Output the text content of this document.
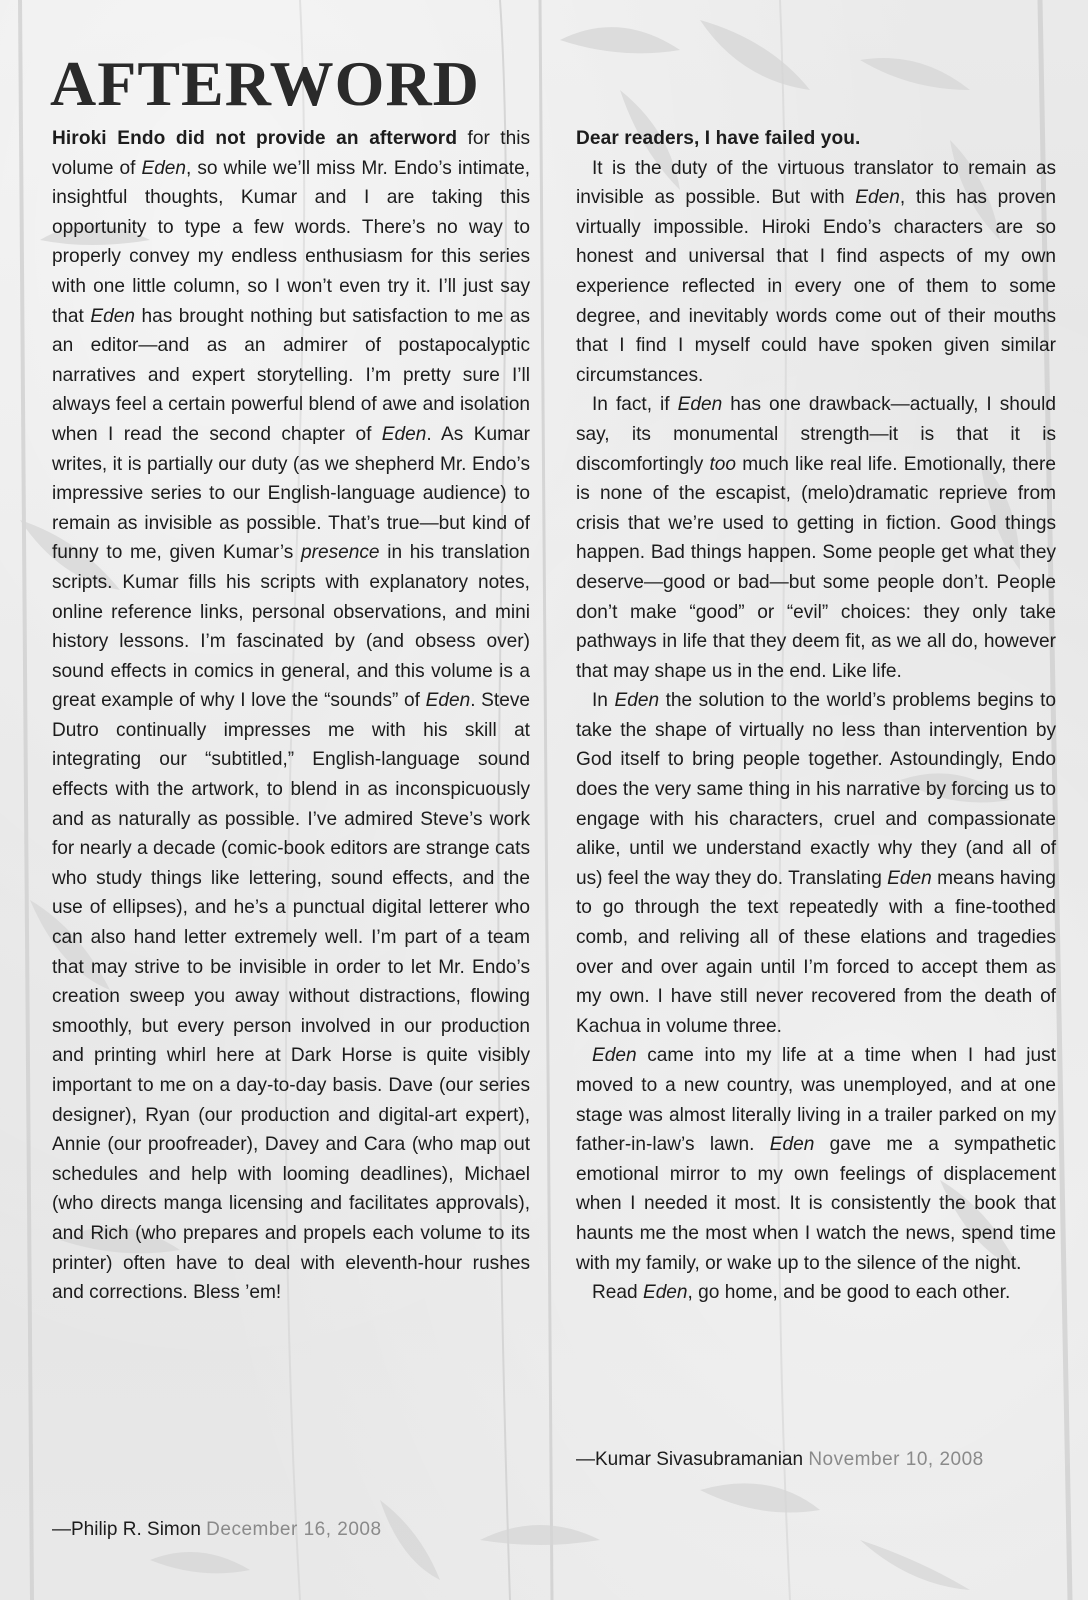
AFTERWORD

Hiroki Endo did not provide an afterword for this volume of Eden, so while we’ll miss Mr. Endo’s intimate, insightful thoughts, Kumar and I are taking this opportunity to type a few words. There’s no way to properly convey my endless enthusiasm for this series with one little column, so I won’t even try it. I’ll just say that Eden has brought nothing but satisfaction to me as an editor—and as an admirer of postapocalyptic narratives and expert storytelling. I’m pretty sure I’ll always feel a certain powerful blend of awe and isolation when I read the second chapter of Eden. As Kumar writes, it is partially our duty (as we shepherd Mr. Endo’s impressive series to our English-language audience) to remain as invisible as possible. That’s true—but kind of funny to me, given Kumar’s presence in his translation scripts. Kumar fills his scripts with explanatory notes, online reference links, personal observations, and mini history lessons. I’m fascinated by (and obsess over) sound effects in comics in general, and this volume is a great example of why I love the “sounds” of Eden. Steve Dutro continually impresses me with his skill at integrating our “subtitled,” English-language sound effects with the artwork, to blend in as inconspicuously and as naturally as possible. I’ve admired Steve’s work for nearly a decade (comic-book editors are strange cats who study things like lettering, sound effects, and the use of ellipses), and he’s a punctual digital letterer who can also hand letter extremely well. I’m part of a team that may strive to be invisible in order to let Mr. Endo’s creation sweep you away without distractions, flowing smoothly, but every person involved in our production and printing whirl here at Dark Horse is quite visibly important to me on a day-to-day basis. Dave (our series designer), Ryan (our production and digital-art expert), Annie (our proofreader), Davey and Cara (who map out schedules and help with looming deadlines), Michael (who directs manga licensing and facilitates approvals), and Rich (who prepares and propels each volume to its printer) often have to deal with eleventh-hour rushes and corrections. Bless ’em!

—Philip R. Simon December 16, 2008
Dear readers, I have failed you.

It is the duty of the virtuous translator to remain as invisible as possible. But with Eden, this has proven virtually impossible. Hiroki Endo’s characters are so honest and universal that I find aspects of my own experience reflected in every one of them to some degree, and inevitably words come out of their mouths that I find I myself could have spoken given similar circumstances.

In fact, if Eden has one drawback—actually, I should say, its monumental strength—it is that it is discomfortingly too much like real life. Emotionally, there is none of the escapist, (melo)dramatic reprieve from crisis that we’re used to getting in fiction. Good things happen. Bad things happen. Some people get what they deserve—good or bad—but some people don’t. People don’t make “good” or “evil” choices: they only take pathways in life that they deem fit, as we all do, however that may shape us in the end. Like life.

In Eden the solution to the world’s problems begins to take the shape of virtually no less than intervention by God itself to bring people together. Astoundingly, Endo does the very same thing in his narrative by forcing us to engage with his characters, cruel and compassionate alike, until we understand exactly why they (and all of us) feel the way they do. Translating Eden means having to go through the text repeatedly with a fine-toothed comb, and reliving all of these elations and tragedies over and over again until I’m forced to accept them as my own. I have still never recovered from the death of Kachua in volume three.

Eden came into my life at a time when I had just moved to a new country, was unemployed, and at one stage was almost literally living in a trailer parked on my father-in-law’s lawn. Eden gave me a sympathetic emotional mirror to my own feelings of displacement when I needed it most. It is consistently the book that haunts me the most when I watch the news, spend time with my family, or wake up to the silence of the night.

Read Eden, go home, and be good to each other.

—Kumar Sivasubramanian November 10, 2008
